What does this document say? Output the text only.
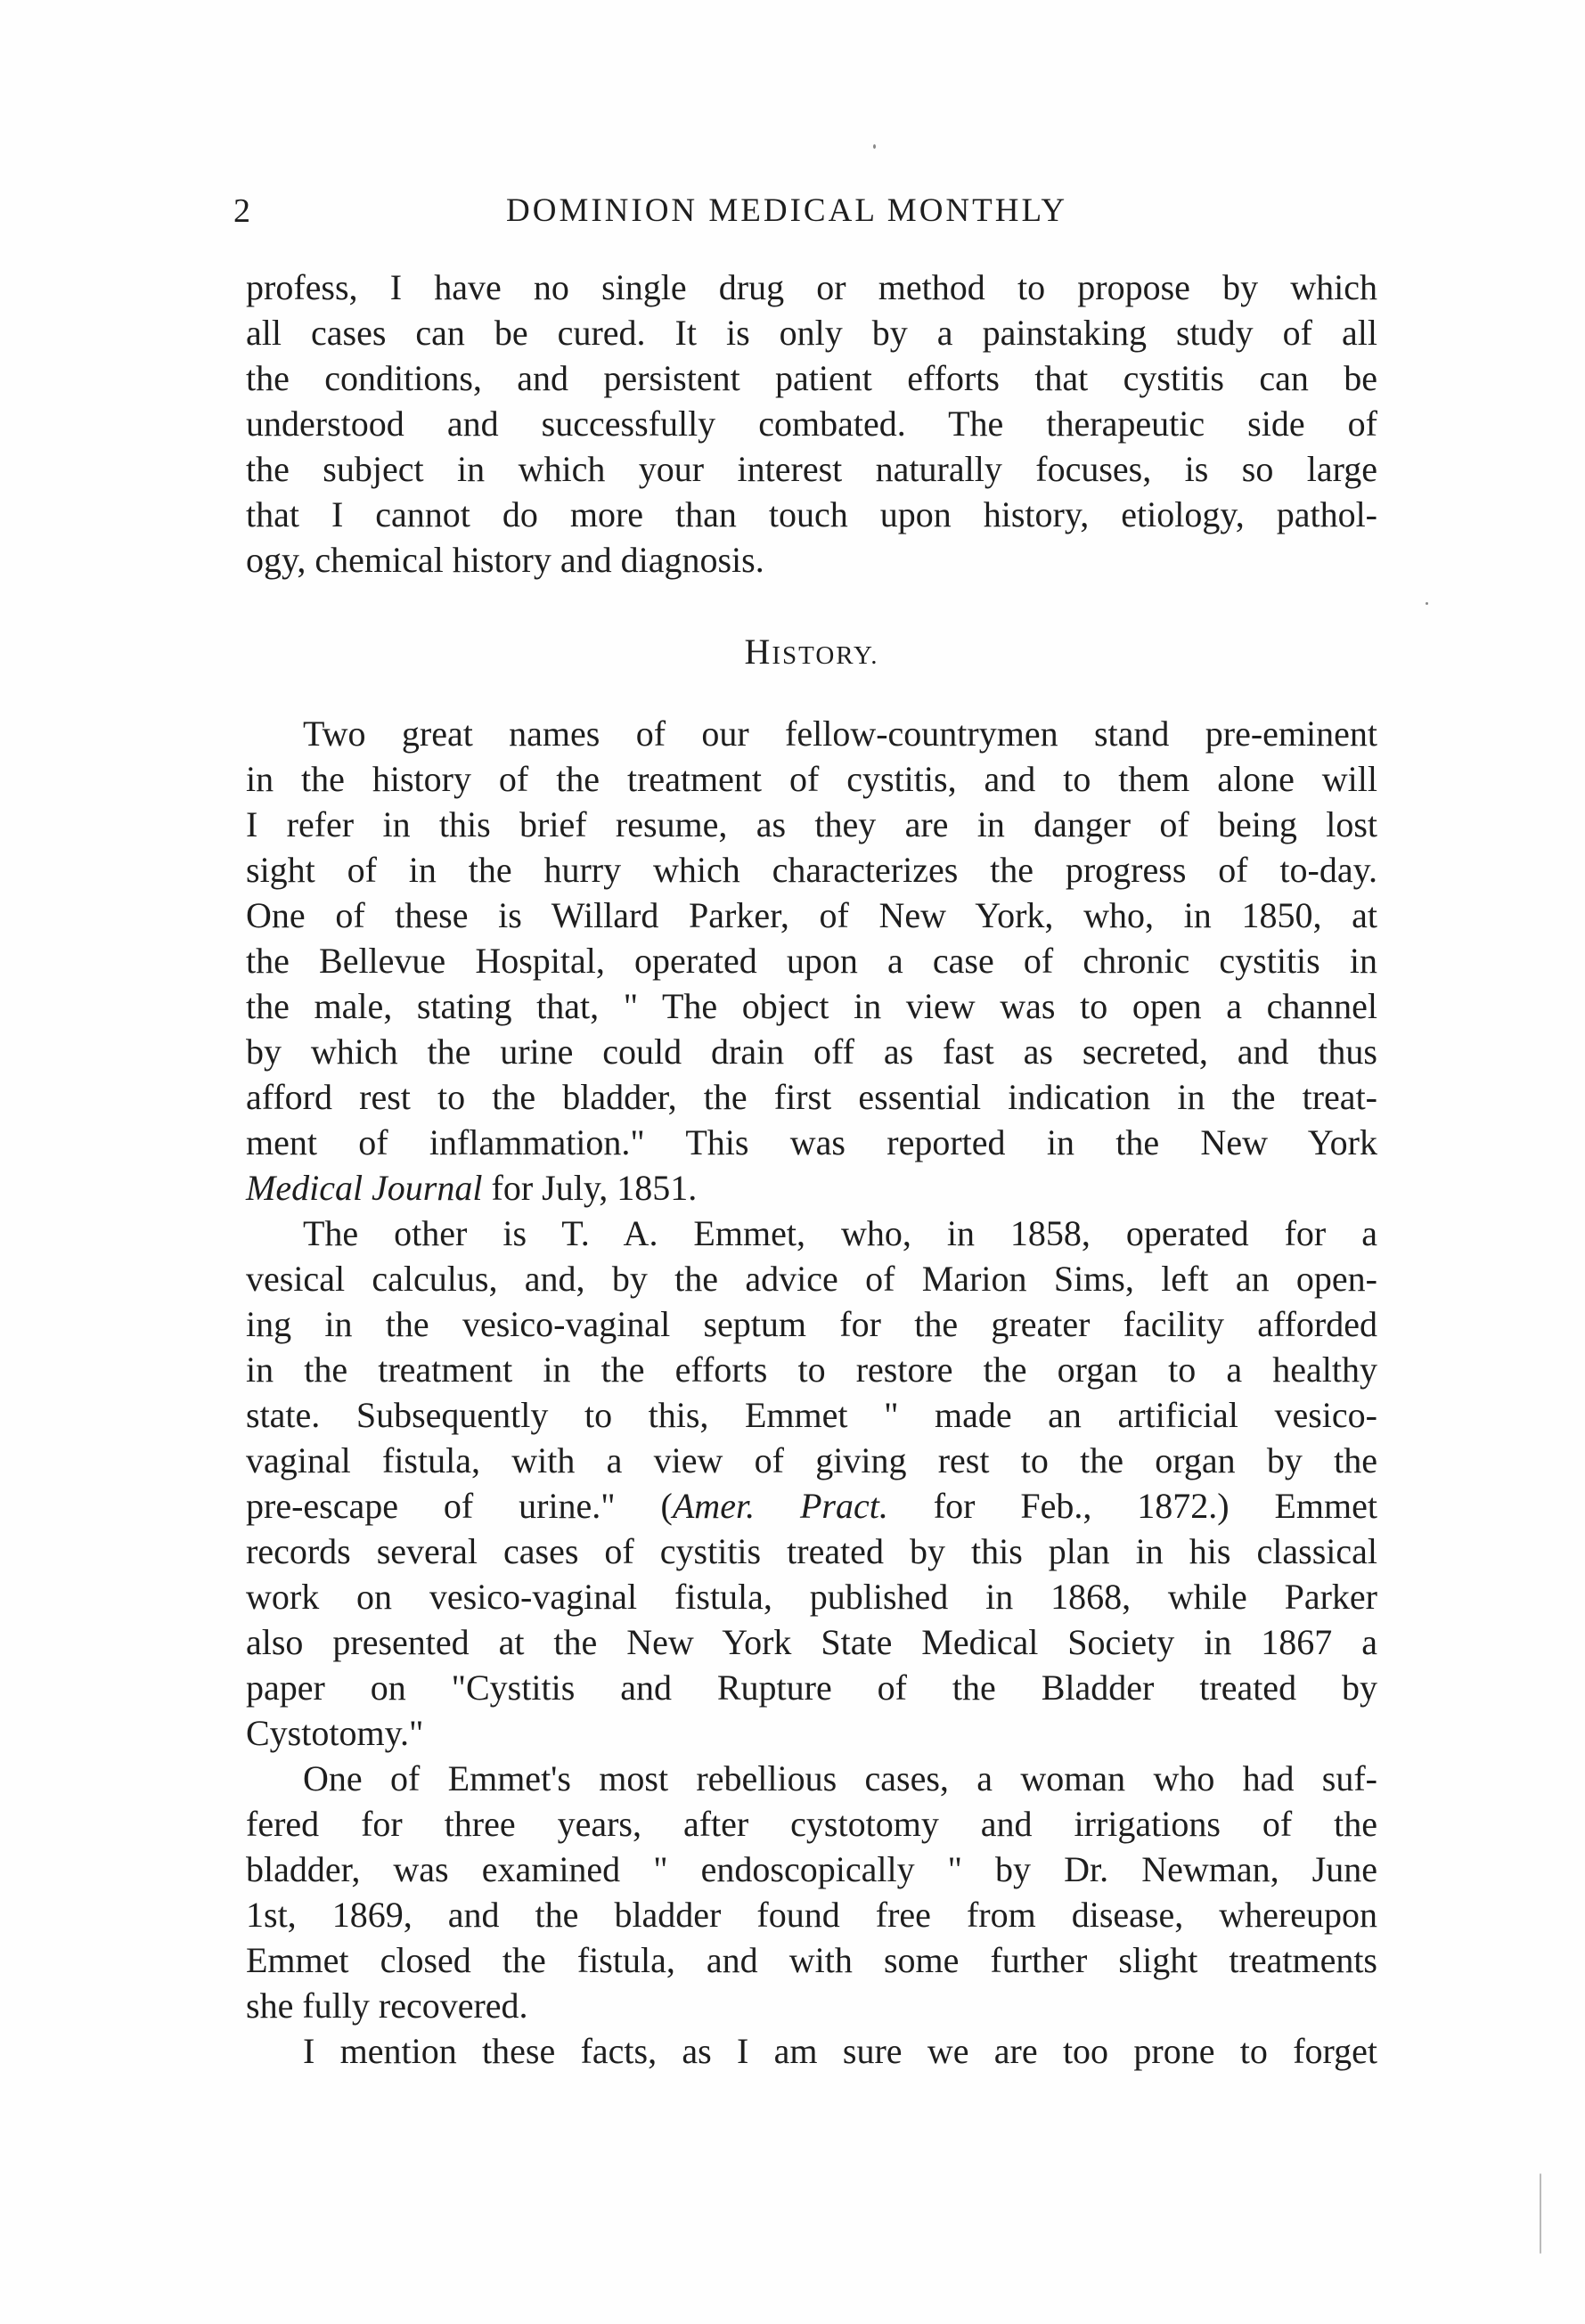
2	DOMINION MEDICAL MONTHLY
profess, I have no single drug or method to propose by which
all cases can be cured. It is only by a painstaking study of all
the conditions, and persistent patient efforts that cystitis can be
understood and successfully combated. The therapeutic side of
the subject in which your interest naturally focuses, is so large
that I cannot do more than touch upon history, etiology, pathol-
ogy, chemical history and diagnosis.
HISTORY.
Two great names of our fellow-countrymen stand pre-eminent
in the history of the treatment of cystitis, and to them alone will
I refer in this brief resume, as they are in danger of being lost
sight of in the hurry which characterizes the progress of to-day.
One of these is Willard Parker, of New York, who, in 1850, at
the Bellevue Hospital, operated upon a case of chronic cystitis in
the male, stating that, " The object in view was to open a channel
by which the urine could drain off as fast as secreted, and thus
afford rest to the bladder, the first essential indication in the treat-
ment of inflammation." This was reported in the New York
Medical Journal for July, 1851.
The other is T. A. Emmet, who, in 1858, operated for a
vesical calculus, and, by the advice of Marion Sims, left an open-
ing in the vesico-vaginal septum for the greater facility afforded
in the treatment in the efforts to restore the organ to a healthy
state. Subsequently to this, Emmet " made an artificial vesico-
vaginal fistula, with a view of giving rest to the organ by the
pre-escape of urine." (Amer. Pract. for Feb., 1872.) Emmet
records several cases of cystitis treated by this plan in his classical
work on vesico-vaginal fistula, published in 1868, while Parker
also presented at the New York State Medical Society in 1867 a
paper on "Cystitis and Rupture of the Bladder treated by
Cystotomy."
One of Emmet's most rebellious cases, a woman who had suf-
fered for three years, after cystotomy and irrigations of the
bladder, was examined " endoscopically " by Dr. Newman, June
1st, 1869, and the bladder found free from disease, whereupon
Emmet closed the fistula, and with some further slight treatments
she fully recovered.
I mention these facts, as I am sure we are too prone to forget
